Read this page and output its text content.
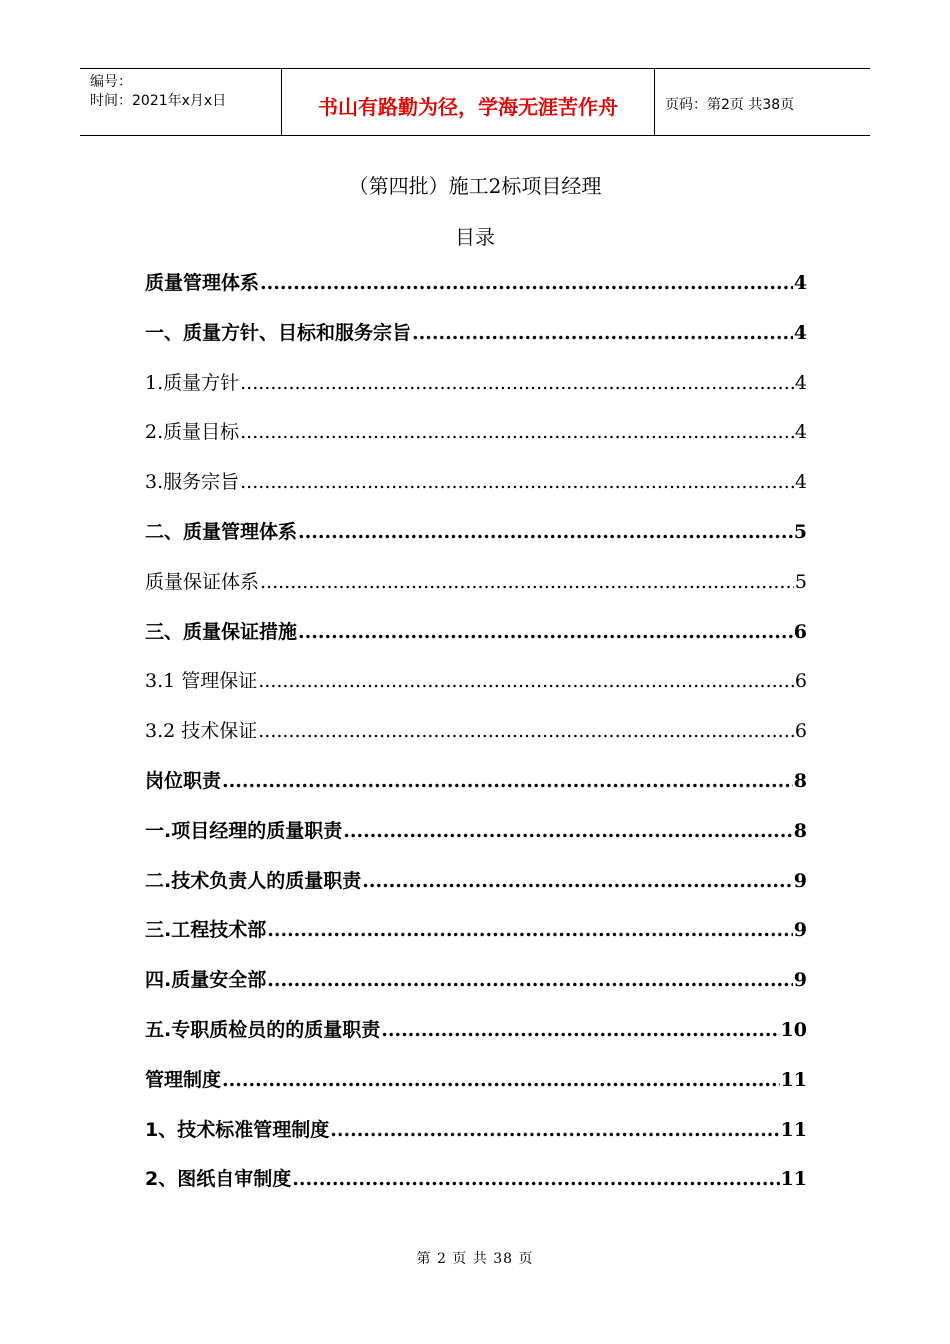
编号：
时间：2021年x月x日	书山有路勤为径，学海无涯苦作舟	页码：第2页 共38页
（第四批）施工2标项目经理
目录
质量管理体系 .....	4
一、质量方针、目标和服务宗旨 .....	4
1.质量方针 .....	4
2.质量目标 .....	4
3.服务宗旨 .....	4
二、质量管理体系 .....	5
质量保证体系 .....	5
三、质量保证措施 .....	6
3.1 管理保证 .....	6
3.2 技术保证 .....	6
岗位职责 .....	8
一.项目经理的质量职责 .....	8
二.技术负责人的质量职责 .....	9
三.工程技术部 .....	9
四.质量安全部 .....	9
五.专职质检员的的质量职责 .....	10
管理制度 .....	11
1、技术标准管理制度 .....	11
2、图纸自审制度 .....	11
第 2 页 共 38 页
